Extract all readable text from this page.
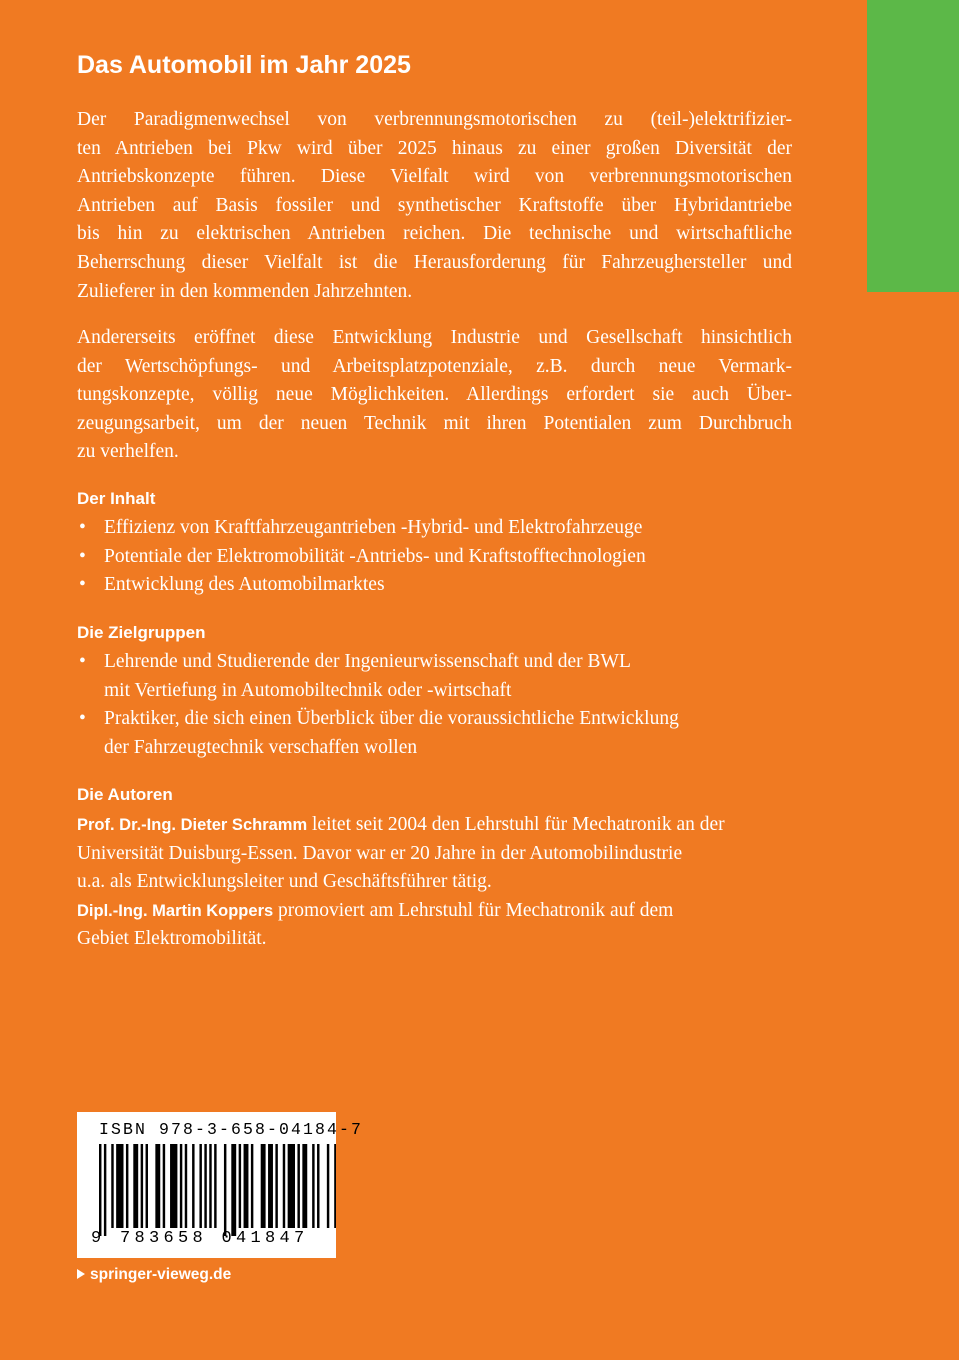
Das Automobil im Jahr 2025
Der Paradigmenwechsel von verbrennungsmotorischen zu (teil-)elektrifizier-
ten Antrieben bei Pkw wird über 2025 hinaus zu einer großen Diversität der
Antriebskonzepte führen. Diese Vielfalt wird von verbrennungsmotorischen
Antrieben auf Basis fossiler und synthetischer Kraftstoffe über Hybridantriebe
bis hin zu elektrischen Antrieben reichen. Die technische und wirtschaftliche
Beherrschung dieser Vielfalt ist die Herausforderung für Fahrzeughersteller und
Zulieferer in den kommenden Jahrzehnten.
Andererseits eröffnet diese Entwicklung Industrie und Gesellschaft hinsichtlich
der Wertschöpfungs- und Arbeitsplatzpotenziale, z.B. durch neue Vermark-
tungskonzepte, völlig neue Möglichkeiten. Allerdings erfordert sie auch Über-
zeugungsarbeit, um der neuen Technik mit ihren Potentialen zum Durchbruch
zu verhelfen.
Der Inhalt
• Effizienz von Kraftfahrzeugantrieben -Hybrid- und Elektrofahrzeuge
• Potentiale der Elektromobilität -Antriebs- und Kraftstofftechnologien
• Entwicklung des Automobilmarktes
Die Zielgruppen
• Lehrende und Studierende der Ingenieurwissenschaft und der BWL
mit Vertiefung in Automobiltechnik oder -wirtschaft
• Praktiker, die sich einen Überblick über die voraussichtliche Entwicklung
der Fahrzeugtechnik verschaffen wollen
Die Autoren
Prof. Dr.-Ing. Dieter Schramm leitet seit 2004 den Lehrstuhl für Mechatronik an der
Universität Duisburg-Essen. Davor war er 20 Jahre in der Automobilindustrie
u.a. als Entwicklungsleiter und Geschäftsführer tätig.
Dipl.-Ing. Martin Koppers promoviert am Lehrstuhl für Mechatronik auf dem
Gebiet Elektromobilität.
ISBN 978-3-658-04184-7
9 783658 041847
springer-vieweg.de
